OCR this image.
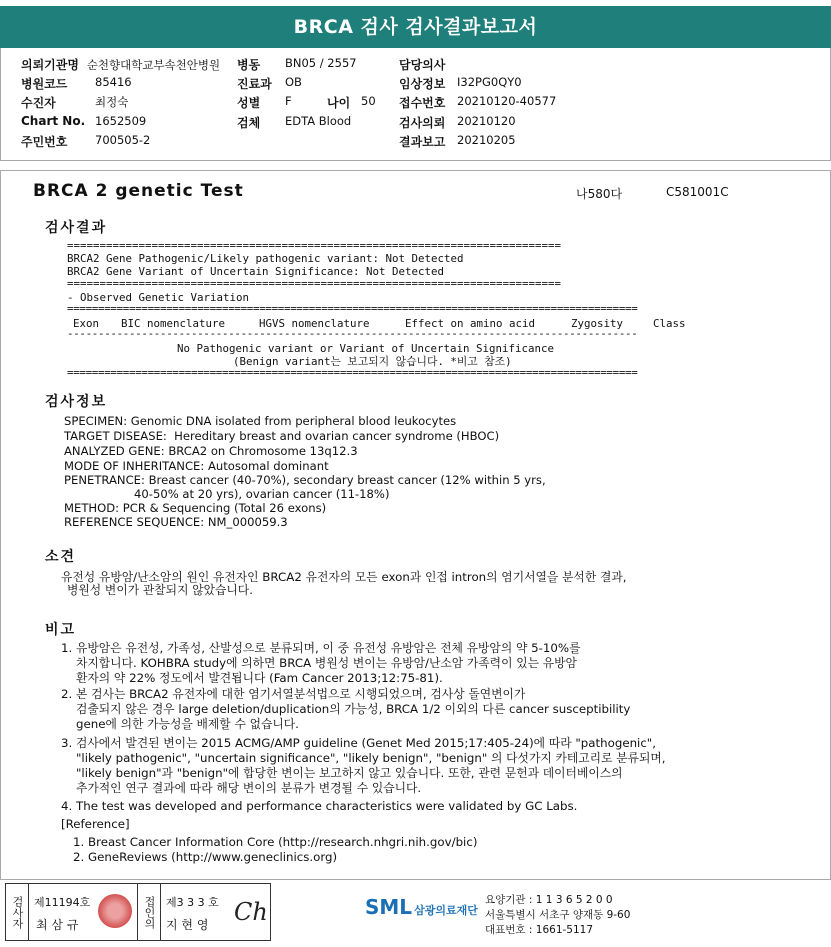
BRCA 검사 검사결과보고서
의뢰기관명 순천향대학교부속천안병원 병동 BN05 / 2557	담당의사
병원코드 85416	진료과 OB	임상정보 I32PG0QY0
수진자	최정숙	성별 F	나이 50 접수번호 20210120-40577
Chart No. 1652509	검체 EDTA Blood	검사의뢰 20210120
주민번호 700505-2	결과보고 20210205
BRCA 2 genetic Test	나580다	C581001C
검사결과
============================================================================
BRCA2 Gene Pathogenic/Likely pathogenic variant: Not Detected
BRCA2 Gene Variant of Uncertain Significance: Not Detected
============================================================================
- Observed Genetic Variation
============================================================================================
Exon BIC nomenclature	HGVS nomenclature	Effect on amino acid	Zygosity	Class
--------------------------------------------------------------------------------------------
No Pathogenic variant or Variant of Uncertain Significance
(Benign variant는 보고되지 않습니다. *비고 참조)
============================================================================================
검사정보
SPECIMEN: Genomic DNA isolated from peripheral blood leukocytes
TARGET DISEASE:  Hereditary breast and ovarian cancer syndrome (HBOC)
ANALYZED GENE: BRCA2 on Chromosome 13q12.3
MODE OF INHERITANCE: Autosomal dominant
PENETRANCE: Breast cancer (40-70%), secondary breast cancer (12% within 5 yrs,
40-50% at 20 yrs), ovarian cancer (11-18%)
METHOD: PCR & Sequencing (Total 26 exons)
REFERENCE SEQUENCE: NM_000059.3
소견
유전성 유방암/난소암의 원인 유전자인 BRCA2 유전자의 모든 exon과 인접 intron의 염기서열을 분석한 결과,
병원성 변이가 관찰되지 않았습니다.
비고
1. 유방암은 유전성, 가족성, 산발성으로 분류되며, 이 중 유전성 유방암은 전체 유방암의 약 5-10%를
차지합니다. KOHBRA study에 의하면 BRCA 병원성 변이는 유방암/난소암 가족력이 있는 유방암
환자의 약 22% 정도에서 발견됩니다 (Fam Cancer 2013;12:75-81).
2. 본 검사는 BRCA2 유전자에 대한 염기서열분석법으로 시행되었으며, 검사상 돌연변이가
검출되지 않은 경우 large deletion/duplication의 가능성, BRCA 1/2 이외의 다른 cancer susceptibility
gene에 의한 가능성을 배제할 수 없습니다.
3. 검사에서 발견된 변이는 2015 ACMG/AMP guideline (Genet Med 2015;17:405-24)에 따라 "pathogenic",
"likely pathogenic", "uncertain significance", "likely benign", "benign" 의 다섯가지 카테고리로 분류되며,
"likely benign"과 "benign"에 합당한 변이는 보고하지 않고 있습니다. 또한, 관련 문헌과 데이터베이스의
추가적인 연구 결과에 따라 해당 변이의 분류가 변경될 수 있습니다.
4. The test was developed and performance characteristics were validated by GC Labs.
[Reference]
1. Breast Cancer Information Core (http://research.nhgri.nih.gov/bic)
2. GeneReviews (http://www.geneclinics.org)
검사자 제11194호
최 삼 규	접인의 제3 3 3 호
지 현 영 Ch	SML 삼광의료재단
요양기관 : 1 1 3 6 5 2 0 0
서울특별시 서초구 양재동 9-60
대표번호 : 1661-5117
